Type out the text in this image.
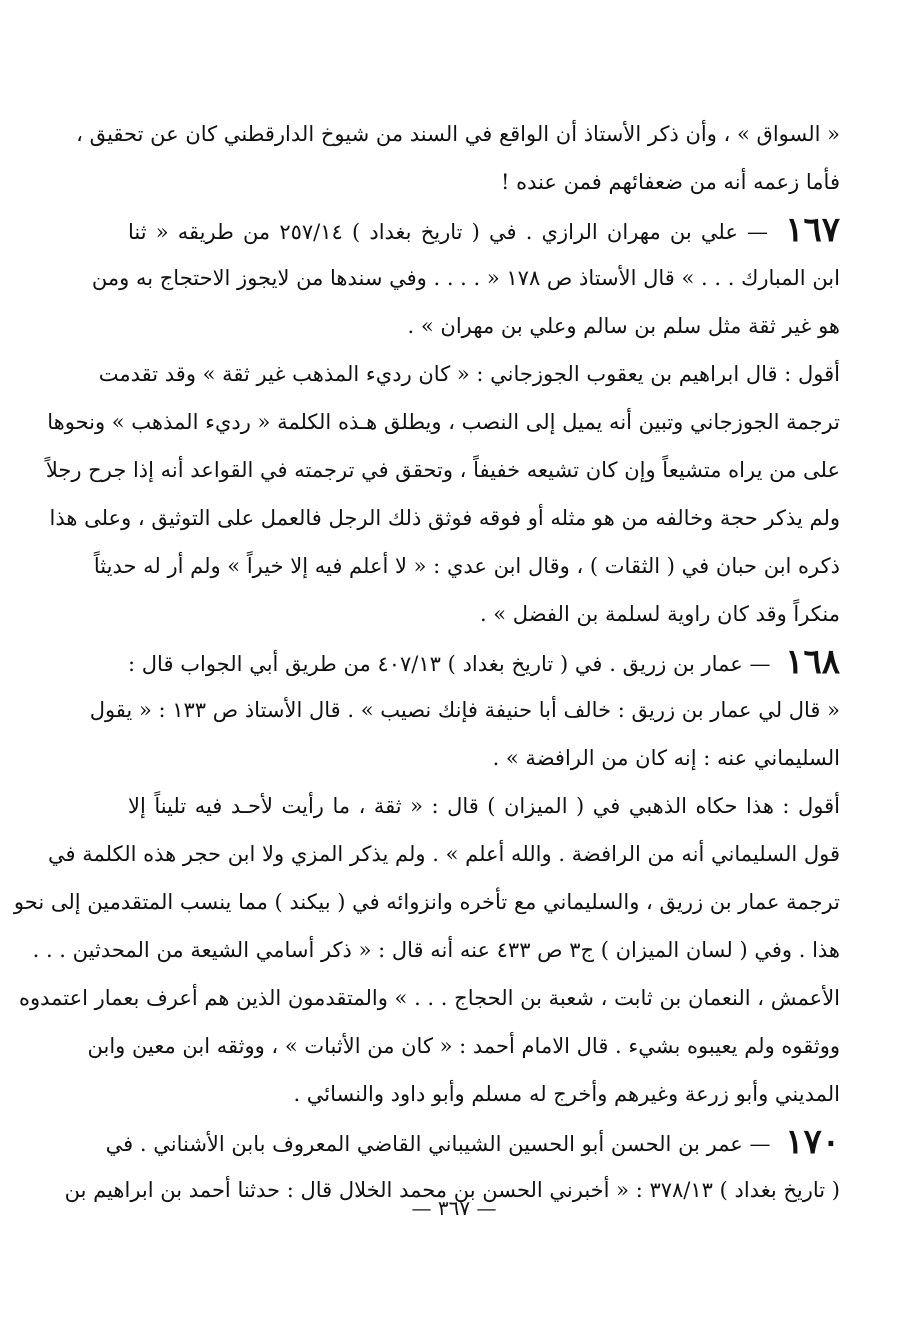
« السواق » ، وأن ذكر الأستاذ أن الواقع في السند من شيوخ الدارقطني كان عن تحقيق ،
فأما زعمه أنه من ضعفائهم فمن عنده !
١٦٧ — علي بن مهران الرازي . في ( تاريخ بغداد ) ٢٥٧/١٤ من طريقه « ثنا
ابن المبارك . . . » قال الأستاذ ص ١٧٨ « . . . . وفي سندها من لايجوز الاحتجاج به ومن
هو غير ثقة مثل سلم بن سالم وعلي بن مهران » .
أقول : قال ابراهيم بن يعقوب الجوزجاني : « كان رديء المذهب غير ثقة » وقد تقدمت
ترجمة الجوزجاني وتبين أنه يميل إلى النصب ، ويطلق هـذه الكلمة « رديء المذهب » ونحوها
على من يراه متشيعاً وإن كان تشيعه خفيفاً ، وتحقق في ترجمته في القواعد أنه إذا جرح رجلاً
ولم يذكر حجة وخالفه من هو مثله أو فوقه فوثق ذلك الرجل فالعمل على التوثيق ، وعلى هذا
ذكره ابن حبان في ( الثقات ) ، وقال ابن عدي : « لا أعلم فيه إلا خيراً » ولم أر له حديثاً
منكراً وقد كان راوية لسلمة بن الفضل » .
١٦٨ — عمار بن زريق . في ( تاريخ بغداد ) ٤٠٧/١٣ من طريق أبي الجواب قال :
« قال لي عمار بن زريق : خالف أبا حنيفة فإنك نصيب » . قال الأستاذ ص ١٣٣ : « يقول
السليماني عنه : إنه كان من الرافضة » .
أقول : هذا حكاه الذهبي في ( الميزان ) قال : « ثقة ، ما رأيت لأحـد فيه تليناً إلا
قول السليماني أنه من الرافضة . والله أعلم » . ولم يذكر المزي ولا ابن حجر هذه الكلمة في
ترجمة عمار بن زريق ، والسليماني مع تأخره وانزوائه في ( بيكند ) مما ينسب المتقدمين إلى نحو
هذا . وفي ( لسان الميزان ) ج٣ ص ٤٣٣ عنه أنه قال : « ذكر أسامي الشيعة من المحدثين . . .
الأعمش ، النعمان بن ثابت ، شعبة بن الحجاج . . . » والمتقدمون الذين هم أعرف بعمار اعتمدوه
ووثقوه ولم يعيبوه بشيء . قال الامام أحمد : « كان من الأثبات » ، ووثقه ابن معين وابن
المديني وأبو زرعة وغيرهم وأخرج له مسلم وأبو داود والنسائي .
١٧٠ — عمر بن الحسن أبو الحسين الشيباني القاضي المعروف بابن الأشناني . في
( تاريخ بغداد ) ٣٧٨/١٣ : « أخبرني الحسن بن محمد الخلال قال : حدثنا أحمد بن ابراهيم بن
— ٣٦٧ —
